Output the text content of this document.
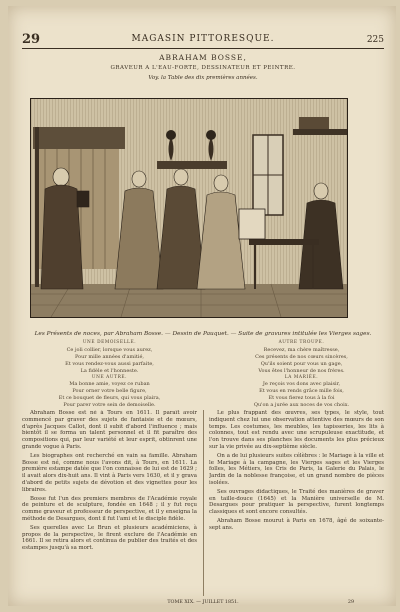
29	MAGASIN PITTORESQUE.	225
ABRAHAM BOSSE,
GRAVEUR A L'EAU-FORTE, DESSINATEUR ET PEINTRE.
Voy. la Table des dix premières années.
Les Présents de noces, par Abraham Bosse. — Dessin de Pauquet. — Suite de gravures intitulée les Vierges sages.
UNE DEMOISELLE.
Ce joli collier, lorsque vous aurez,
Pour mille années d'amitié,
Et vous rendez-vous aussi parfaite,
La fidèle et l'honneste.
UNE AUTRE.
Ma bonne amie, voyez ce ruban
Pour orner votre belle figure,
Et ce bouquet de fleurs, qui vous plaira,
Pour parer votre sein de demoiselle.
AUTRE TROUPE.
Recevez, ma chère maîtresse,
Ces présents de nos cœurs sincères,
Qu'ils soient pour vous un gage,
Vous êtes l'honneur de nos frères.
LA MARIÉE.
Je reçois vos dons avec plaisir,
Et vous en rends grâce mille fois,
Et vous fierez tous à la foi
Qu'on a jurée aux noces de vos choix.

Abraham Bosse est né à Tours en 1611. Il paraît avoir commencé par graver des sujets de fantaisie et de mœurs, d'après Jacques Callot, dont il subit d'abord l'influence ; mais bientôt il se forma un talent personnel et il fit paraître des compositions qui, par leur variété et leur esprit, obtinrent une grande vogue à Paris.

Les biographes ont recherché en vain sa famille. Abraham Bosse est né, comme nous l'avons dit, à Tours, en 1611. La première estampe datée que l'on connaisse de lui est de 1629 ; il avait alors dix-huit ans. Il vint à Paris vers 1630, et il y grava d'abord de petits sujets de dévotion et des vignettes pour les libraires.

Bosse fut l'un des premiers membres de l'Académie royale de peinture et de sculpture, fondée en 1648 ; il y fut reçu comme graveur et professeur de perspective, et il y enseigna la méthode de Desargues, dont il fut l'ami et le disciple fidèle.

Ses querelles avec Le Brun et plusieurs académiciens, à propos de la perspective, le firent exclure de l'Académie en 1661. Il se retira alors et continua de publier des traités et des estampes jusqu'à sa mort.

Le plus frappant des œuvres, ses types, le style, tout indiquent chez lui une observation attentive des mœurs de son temps. Les costumes, les meubles, les tapisseries, les lits à colonnes, tout est rendu avec une scrupuleuse exactitude, et l'on trouve dans ses planches les documents les plus précieux sur la vie privée au dix-septième siècle.

On a de lui plusieurs suites célèbres : le Mariage à la ville et le Mariage à la campagne, les Vierges sages et les Vierges folles, les Métiers, les Cris de Paris, la Galerie du Palais, le Jardin de la noblesse françoise, et un grand nombre de pièces isolées.

Ses ouvrages didactiques, le Traité des manières de graver en taille-douce (1645) et la Manière universelle de M. Desargues pour pratiquer la perspective, furent longtemps classiques et sont encore consultés.

Abraham Bosse mourut à Paris en 1678, âgé de soixante-sept ans.

TOME XIX. — JUILLET 1851.	29
